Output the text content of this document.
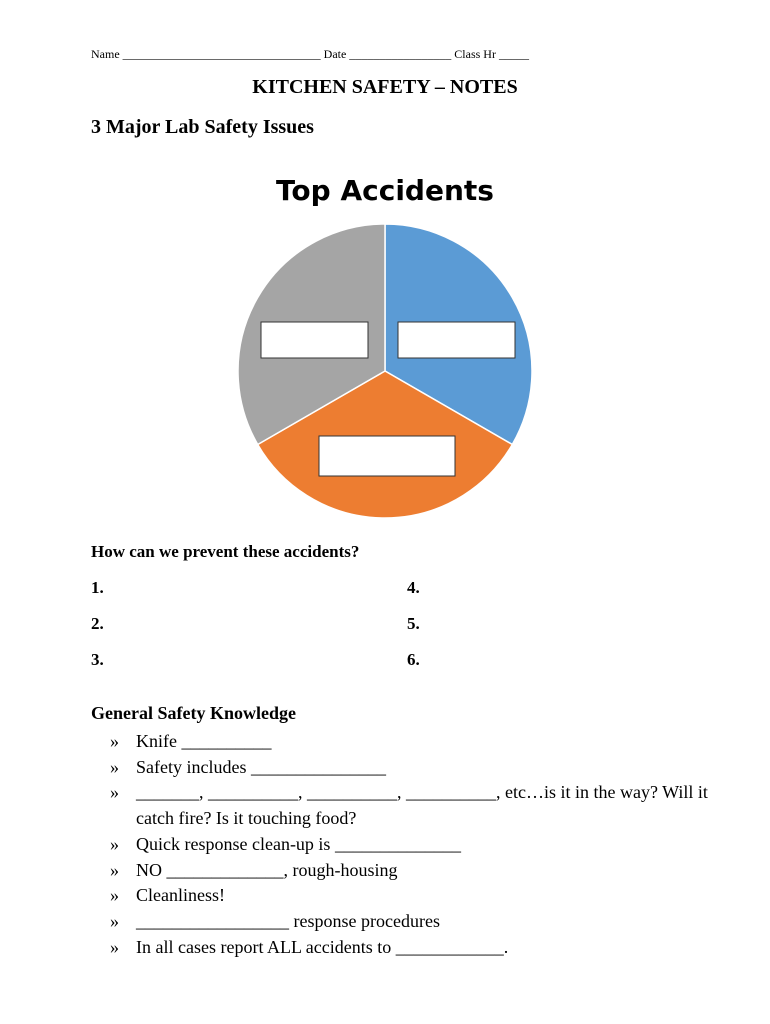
Name _________________________________ Date _________________ Class Hr _____
KITCHEN SAFETY – NOTES
3 Major Lab Safety Issues
Top Accidents
How can we prevent these accidents?
1.
2.
3.
4.
5.
6.
General Safety Knowledge
» Knife __________
» Safety includes _______________
» _______, __________, __________, __________, etc…is it in the way? Will it catch fire? Is it touching food?
» Quick response clean-up is ______________
» NO _____________, rough-housing
» Cleanliness!
» _________________ response procedures
» In all cases report ALL accidents to ____________.
